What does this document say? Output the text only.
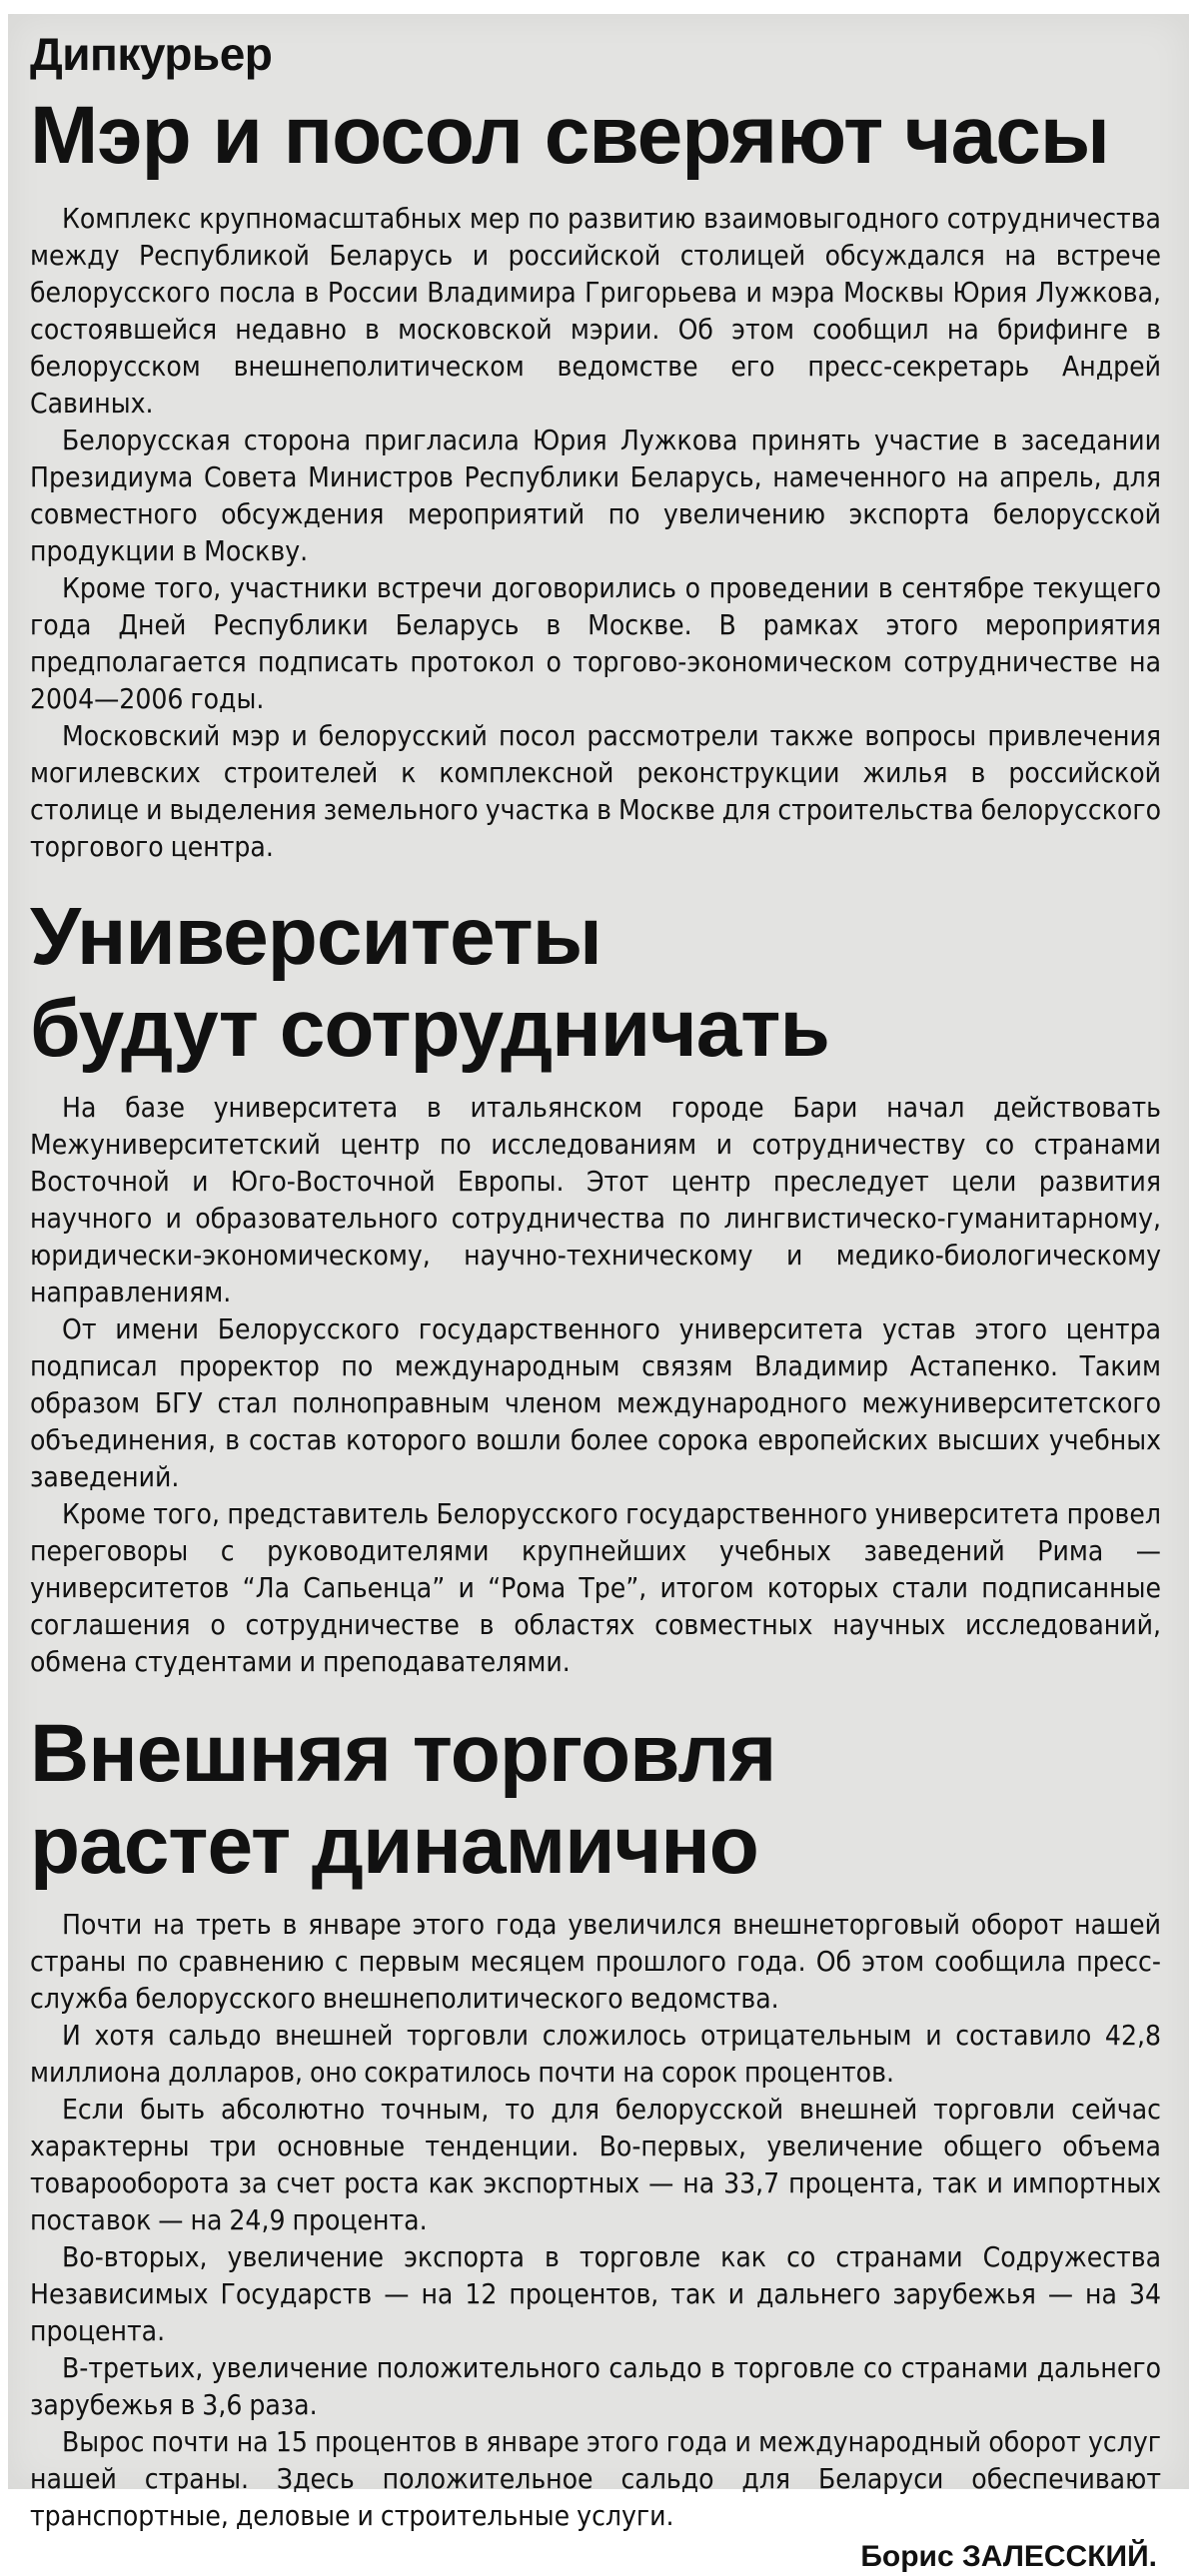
Дипкурьер
Мэр и посол сверяют часы

Комплекс крупномасштабных мер по развитию взаимовыгодного сотрудничества между Республикой Беларусь и российской столицей обсуждался на встрече белорусского посла в России Владимира Григорьева и мэра Москвы Юрия Лужкова, состоявшейся недавно в московской мэрии. Об этом сообщил на брифинге в белорусском внешнеполитическом ведомстве его пресс-секретарь Андрей Савиных.

Белорусская сторона пригласила Юрия Лужкова принять участие в заседании Президиума Совета Министров Республики Беларусь, намеченного на апрель, для совместного обсуждения мероприятий по увеличению экспорта белорусской продукции в Москву.

Кроме того, участники встречи договорились о проведении в сентябре текущего года Дней Республики Беларусь в Москве. В рамках этого мероприятия предполагается подписать протокол о торгово-экономическом сотрудничестве на 2004—2006 годы.

Московский мэр и белорусский посол рассмотрели также вопросы привлечения могилевских строителей к комплексной реконструкции жилья в российской столице и выделения земельного участка в Москве для строительства белорусского торгового центра.

Университеты
будут сотрудничать

На базе университета в итальянском городе Бари начал действовать Межуниверситетский центр по исследованиям и сотрудничеству со странами Восточной и Юго-Восточной Европы. Этот центр преследует цели развития научного и образовательного сотрудничества по лингвистическо-гуманитарному, юридически-экономическому, научно-техническому и медико-биологическому направлениям.

От имени Белорусского государственного университета устав этого центра подписал проректор по международным связям Владимир Астапенко. Таким образом БГУ стал полноправным членом международного межуниверситетского объединения, в состав которого вошли более сорока европейских высших учебных заведений.

Кроме того, представитель Белорусского государственного университета провел переговоры с руководителями крупнейших учебных заведений Рима — университетов “Ла Сапьенца” и “Рома Тре”, итогом которых стали подписанные соглашения о сотрудничестве в областях совместных научных исследований, обмена студентами и преподавателями.

Внешняя торговля
растет динамично

Почти на треть в январе этого года увеличился внешнеторговый оборот нашей страны по сравнению с первым месяцем прошлого года. Об этом сообщила пресс-служба белорусского внешнеполитического ведомства.

И хотя сальдо внешней торговли сложилось отрицательным и составило 42,8 миллиона долларов, оно сократилось почти на сорок процентов.

Если быть абсолютно точным, то для белорусской внешней торговли сейчас характерны три основные тенденции. Во-первых, увеличение общего объема товарооборота за счет роста как экспортных — на 33,7 процента, так и импортных поставок — на 24,9 процента.

Во-вторых, увеличение экспорта в торговле как со странами Содружества Независимых Государств — на 12 процентов, так и дальнего зарубежья — на 34 процента.

В-третьих, увеличение положительного сальдо в торговле со странами дальнего зарубежья в 3,6 раза.

Вырос почти на 15 процентов в январе этого года и международный оборот услуг нашей страны. Здесь положительное сальдо для Беларуси обеспечивают транспортные, деловые и строительные услуги.

Борис ЗАЛЕССКИЙ.
